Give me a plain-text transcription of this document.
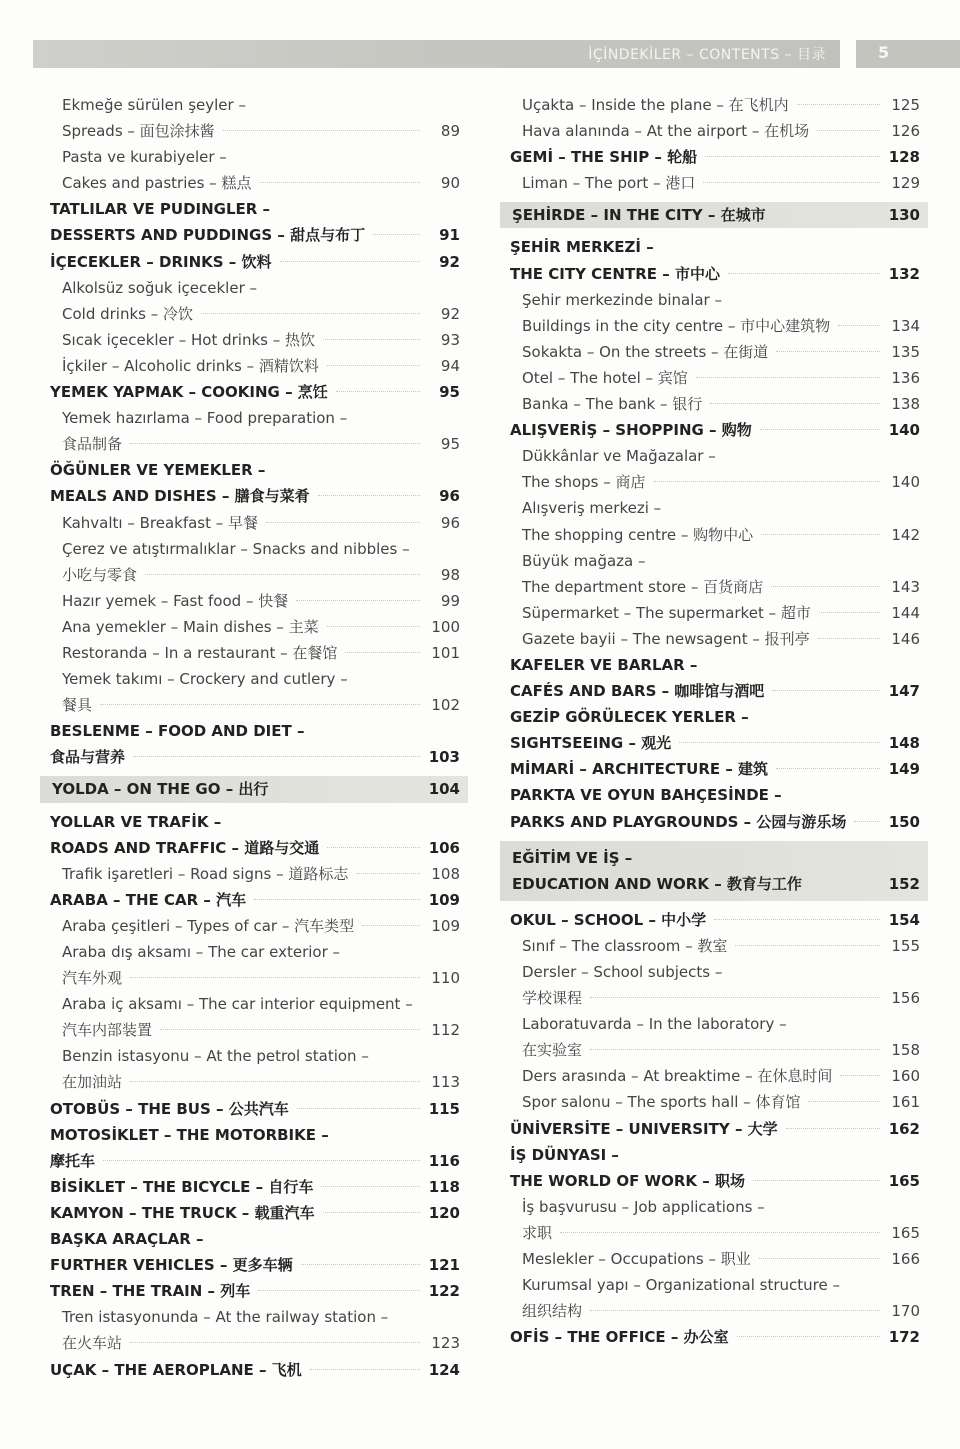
İÇİNDEKİLER – CONTENTS – 目录	5
Ekmeğe sürülen şeyler –
Spreads – 面包涂抹酱	89
Pasta ve kurabiyeler –
Cakes and pastries – 糕点	90
TATLILAR VE PUDINGLER –
DESSERTS AND PUDDINGS – 甜点与布丁	91
İÇECEKLER – DRINKS – 饮料	92
Alkolsüz soğuk içecekler –
Cold drinks – 冷饮	92
Sıcak içecekler – Hot drinks – 热饮	93
İçkiler – Alcoholic drinks – 酒精饮料	94
YEMEK YAPMAK – COOKING – 烹饪	95
Yemek hazırlama – Food preparation –
食品制备	95
ÖĞÜNLER VE YEMEKLER –
MEALS AND DISHES – 膳食与菜肴	96
Kahvaltı – Breakfast – 早餐	96
Çerez ve atıştırmalıklar – Snacks and nibbles –
小吃与零食	98
Hazır yemek – Fast food – 快餐	99
Ana yemekler – Main dishes – 主菜	100
Restoranda – In a restaurant – 在餐馆	101
Yemek takımı – Crockery and cutlery –
餐具	102
BESLENME – FOOD AND DIET –
食品与营养	103
YOLDA – ON THE GO – 出行	104
YOLLAR VE TRAFİK –
ROADS AND TRAFFIC – 道路与交通	106
Trafik işaretleri – Road signs – 道路标志	108
ARABA – THE CAR – 汽车	109
Araba çeşitleri – Types of car – 汽车类型	109
Araba dış aksamı – The car exterior –
汽车外观	110
Araba iç aksamı – The car interior equipment –
汽车内部装置	112
Benzin istasyonu – At the petrol station –
在加油站	113
OTOBÜS – THE BUS – 公共汽车	115
MOTOSİKLET – THE MOTORBIKE –
摩托车	116
BİSİKLET – THE BICYCLE – 自行车	118
KAMYON – THE TRUCK – 载重汽车	120
BAŞKA ARAÇLAR –
FURTHER VEHICLES – 更多车辆	121
TREN – THE TRAIN – 列车	122
Tren istasyonunda – At the railway station –
在火车站	123
UÇAK – THE AEROPLANE – 飞机	124
Uçakta – Inside the plane – 在飞机内	125
Hava alanında – At the airport – 在机场	126
GEMİ – THE SHIP – 轮船	128
Liman – The port – 港口	129
ŞEHİRDE – IN THE CITY – 在城市	130
ŞEHİR MERKEZİ –
THE CITY CENTRE – 市中心	132
Şehir merkezinde binalar –
Buildings in the city centre – 市中心建筑物	134
Sokakta – On the streets – 在街道	135
Otel – The hotel – 宾馆	136
Banka – The bank – 银行	138
ALIŞVERİŞ – SHOPPING – 购物	140
Dükkânlar ve Mağazalar –
The shops – 商店	140
Alışveriş merkezi –
The shopping centre – 购物中心	142
Büyük mağaza –
The department store – 百货商店	143
Süpermarket – The supermarket – 超市	144
Gazete bayii – The newsagent – 报刊亭	146
KAFELER VE BARLAR –
CAFÉS AND BARS – 咖啡馆与酒吧	147
GEZİP GÖRÜLECEK YERLER –
SIGHTSEEING – 观光	148
MİMARİ – ARCHITECTURE – 建筑	149
PARKTA VE OYUN BAHÇESİNDE –
PARKS AND PLAYGROUNDS – 公园与游乐场	150
EĞİTİM VE İŞ –
EDUCATION AND WORK – 教育与工作	152
OKUL – SCHOOL – 中小学	154
Sınıf – The classroom – 教室	155
Dersler – School subjects –
学校课程	156
Laboratuvarda – In the laboratory –
在实验室	158
Ders arasında – At breaktime – 在休息时间	160
Spor salonu – The sports hall – 体育馆	161
ÜNİVERSİTE – UNIVERSITY – 大学	162
İŞ DÜNYASI –
THE WORLD OF WORK – 职场	165
İş başvurusu – Job applications –
求职	165
Meslekler – Occupations – 职业	166
Kurumsal yapı – Organizational structure –
组织结构	170
OFİS – THE OFFICE – 办公室	172
